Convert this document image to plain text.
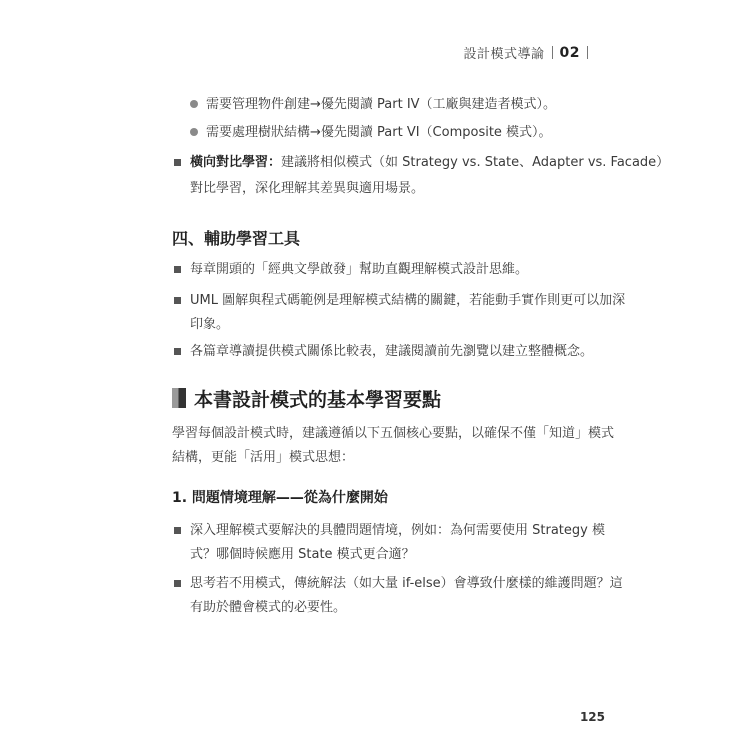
設計模式導論 02
需要管理物件創建→優先閱讀 Part IV（工廠與建造者模式）。
需要處理樹狀結構→優先閱讀 Part VI（Composite 模式）。
橫向對比學習：建議將相似模式（如 Strategy vs. State、Adapter vs. Facade）
對比學習，深化理解其差異與適用場景。
四、輔助學習工具
每章開頭的「經典文學啟發」幫助直觀理解模式設計思維。
UML 圖解與程式碼範例是理解模式結構的關鍵，若能動手實作則更可以加深
印象。
各篇章導讀提供模式關係比較表，建議閱讀前先瀏覽以建立整體概念。
本書設計模式的基本學習要點
學習每個設計模式時，建議遵循以下五個核心要點，以確保不僅「知道」模式
結構，更能「活用」模式思想：
1. 問題情境理解——從為什麼開始
深入理解模式要解決的具體問題情境，例如：為何需要使用 Strategy 模
式？哪個時候應用 State 模式更合適？
思考若不用模式，傳統解法（如大量 if-else）會導致什麼樣的維護問題？這
有助於體會模式的必要性。
125
